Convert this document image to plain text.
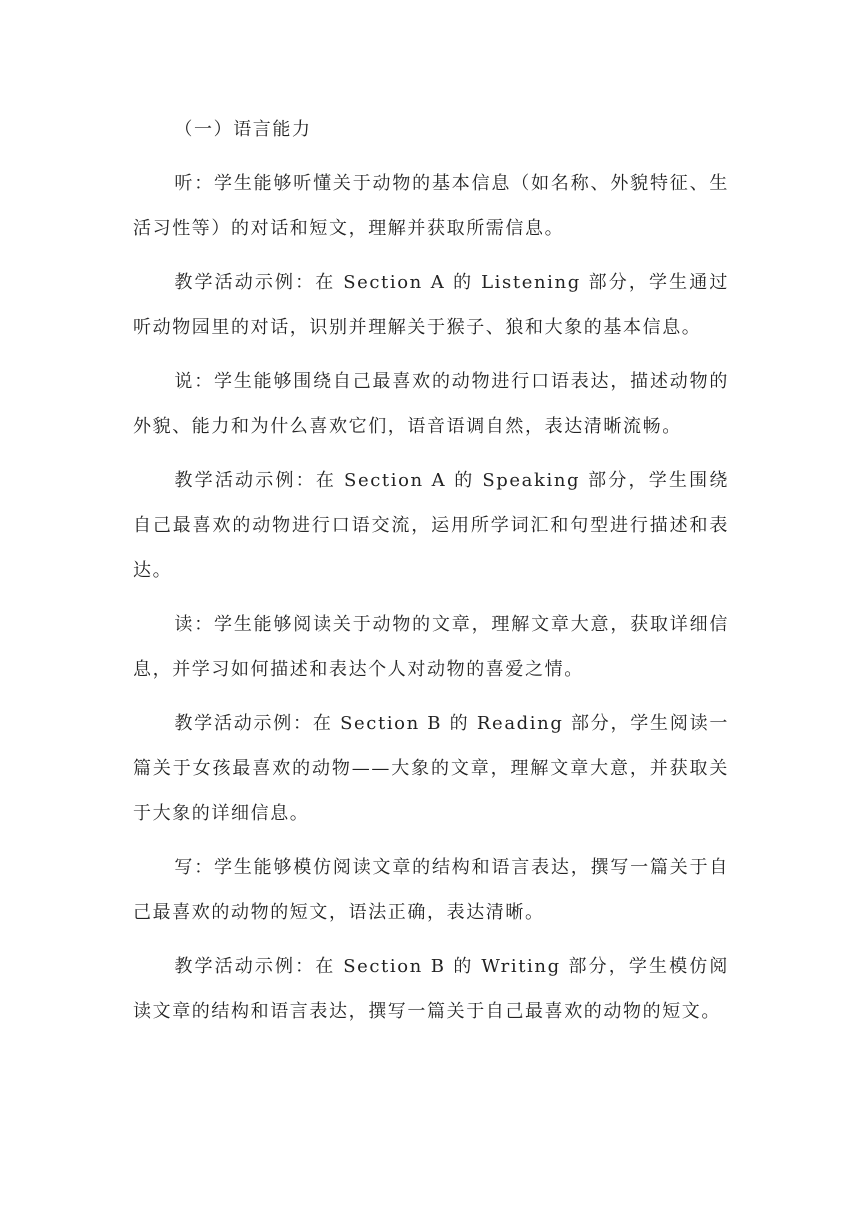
（一）语言能力

听：学生能够听懂关于动物的基本信息（如名称、外貌特征、生活习性等）的对话和短文，理解并获取所需信息。

教学活动示例：在 Section A 的 Listening 部分，学生通过听动物园里的对话，识别并理解关于猴子、狼和大象的基本信息。

说：学生能够围绕自己最喜欢的动物进行口语表达，描述动物的外貌、能力和为什么喜欢它们，语音语调自然，表达清晰流畅。

教学活动示例：在 Section A 的 Speaking 部分，学生围绕自己最喜欢的动物进行口语交流，运用所学词汇和句型进行描述和表达。

读：学生能够阅读关于动物的文章，理解文章大意，获取详细信息，并学习如何描述和表达个人对动物的喜爱之情。

教学活动示例：在 Section B 的 Reading 部分，学生阅读一篇关于女孩最喜欢的动物——大象的文章，理解文章大意，并获取关于大象的详细信息。

写：学生能够模仿阅读文章的结构和语言表达，撰写一篇关于自己最喜欢的动物的短文，语法正确，表达清晰。

教学活动示例：在 Section B 的 Writing 部分，学生模仿阅读文章的结构和语言表达，撰写一篇关于自己最喜欢的动物的短文。
